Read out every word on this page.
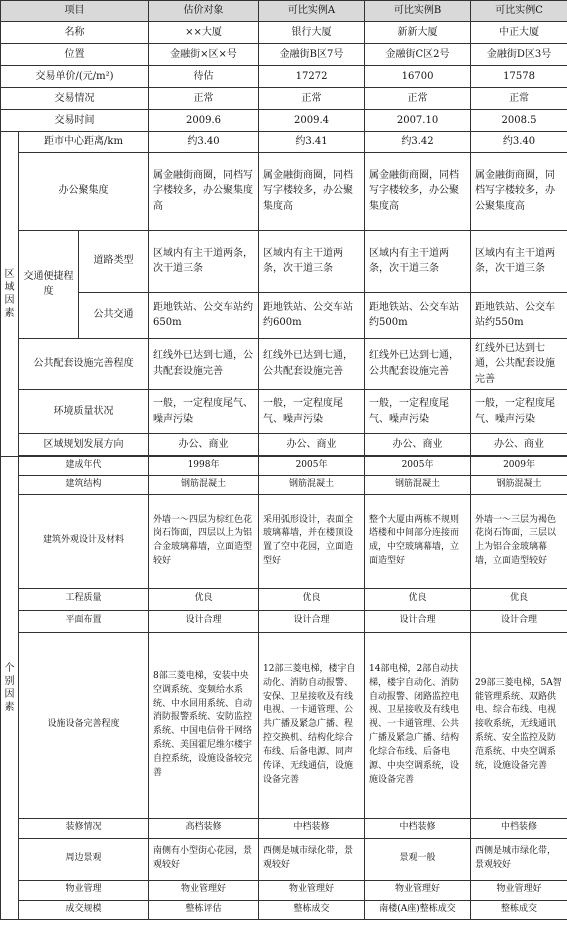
项目			估价对象	可比实例A	可比实例B	可比实例C
名称			××大厦	银行大厦	新新大厦	中正大厦
位置			金融街×区×号	金融街B区7号	金融街C区2号	金融街D区3号
交易单价/(元/m²)			待估	17272	16700	17578
交易情况			正常	正常	正常	正常
交易时间			2009.6	2009.4	2007.10	2008.5
区域因素	距市中心距离/km		约3.40	约3.41	约3.42	约3.40
	办公聚集度		属金融街商圈，同档写字楼较多，办公聚集度高	属金融街商圈，同档写字楼较多，办公聚集度高	属金融街商圈，同档写字楼较多，办公聚集度高	属金融街商圈，同档写字楼较多，办公聚集度高
	交通便捷程度	道路类型	区域内有主干道两条，次干道三条	区域内有主干道两条，次干道三条	区域内有主干道两条，次干道三条	区域内有主干道两条，次干道三条
		公共交通	距地铁站、公交车站约650m	距地铁站、公交车站约600m	距地铁站、公交车站约500m	距地铁站、公交车站约550m
	公共配套设施完善程度		红线外已达到七通，公共配套设施完善	红线外已达到七通，公共配套设施完善	红线外已达到七通，公共配套设施完善	红线外已达到七通，公共配套设施完善
	环境质量状况		一般，一定程度尾气、噪声污染	一般，一定程度尾气、噪声污染	一般，一定程度尾气、噪声污染	一般，一定程度尾气、噪声污染
	区域规划发展方向		办公、商业	办公、商业	办公、商业	办公、商业

个别因素	建成年代		1998年	2005年	2005年	2009年
	建筑结构		钢筋混凝土	钢筋混凝土	钢筋混凝土	钢筋混凝土
	建筑外观设计及材料		外墙一～四层为棕红色花岗石饰面，四层以上为铝合金玻璃幕墙，立面造型较好	采用弧形设计，表面全玻璃幕墙，并在楼顶设置了空中花园，立面造型好	整个大厦由两栋不规则塔楼和中间部分连接而成，中空玻璃幕墙，立面造型好	外墙一～三层为褐色花岗石饰面，三层以上为铝合金玻璃幕墙，立面造型较好
	工程质量		优良	优良	优良	优良
	平面布置		设计合理	设计合理	设计合理	设计合理
	设施设备完善程度		8部三菱电梯，安装中央空调系统、变频给水系统、中水回用系统、自动消防报警系统、安防监控系统、中国电信骨干网络系统、美国霍尼维尔楼宇自控系统，设施设备较完善	12部三菱电梯，楼宇自动化、消防自动报警、安保、卫星接收及有线电视、一卡通管理、公共广播及紧急广播、程控交换机、结构化综合布线、后备电源、同声传译、无线通信，设施设备完善	14部电梯，2部自动扶梯，楼宇自动化、消防自动报警、闭路监控电视、卫星接收及有线电视、一卡通管理、公共广播及紧急广播、结构化综合布线、后备电源、中央空调系统，设施设备完善	29部三菱电梯，5A智能管理系统、双路供电、综合布线、电视接收系统，无线通讯系统、安全监控及防范系统、中央空调系统，设施设备完善
	装修情况		高档装修	中档装修	中档装修	中档装修
	周边景观		南侧有小型街心花园，景观较好	西侧是城市绿化带，景观较好	景观一般	西侧是城市绿化带，景观较好
	物业管理		物业管理好	物业管理好	物业管理好	物业管理好
	成交规模		整栋评估	整栋成交	南楼(A座)整栋成交	整栋成交
